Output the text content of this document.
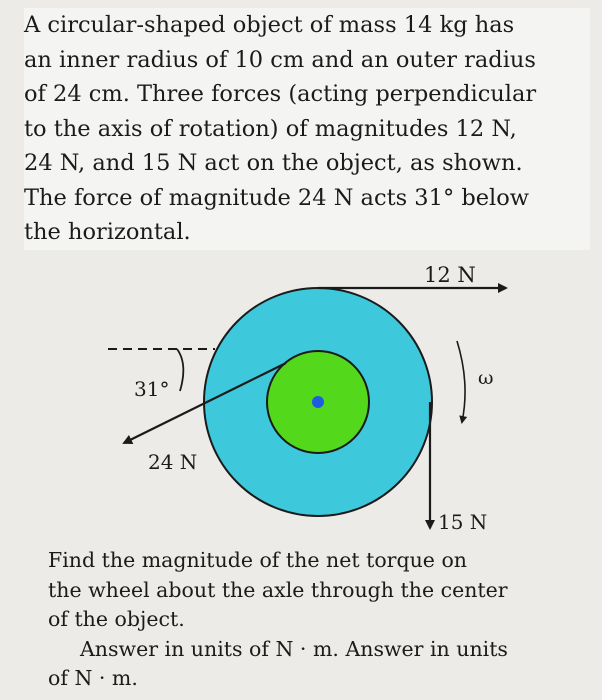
A circular-shaped object of mass 14 kg has
an inner radius of 10 cm and an outer radius
of 24 cm. Three forces (acting perpendicular
to the axis of rotation) of magnitudes 12 N,
24 N, and 15 N act on the object, as shown.
The force of magnitude 24 N acts 31° below
the horizontal.
12 N
24 N
15 N
31°	ω
Find the magnitude of the net torque on
the wheel about the axle through the center
of the object.
Answer in units of N · m. Answer in units
of N · m.
